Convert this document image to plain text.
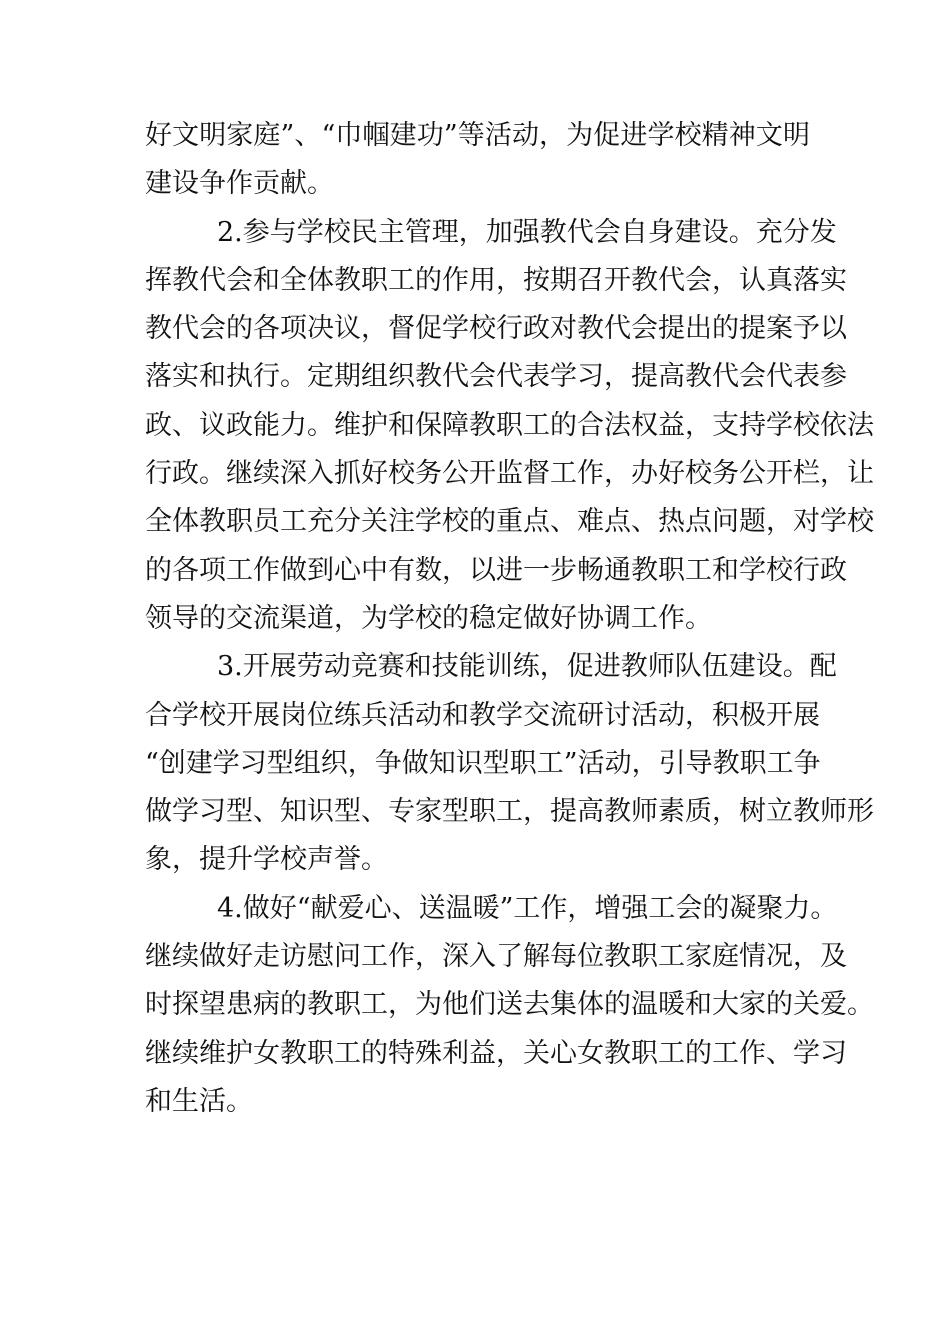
好文明家庭”、“巾帼建功”等活动，为促进学校精神文明
建设争作贡献。
2.参与学校民主管理，加强教代会自身建设。充分发
挥教代会和全体教职工的作用，按期召开教代会，认真落实
教代会的各项决议，督促学校行政对教代会提出的提案予以
落实和执行。定期组织教代会代表学习，提高教代会代表参
政、议政能力。维护和保障教职工的合法权益，支持学校依法
行政。继续深入抓好校务公开监督工作，办好校务公开栏，让
全体教职员工充分关注学校的重点、难点、热点问题，对学校
的各项工作做到心中有数，以进一步畅通教职工和学校行政
领导的交流渠道，为学校的稳定做好协调工作。
3.开展劳动竞赛和技能训练，促进教师队伍建设。配
合学校开展岗位练兵活动和教学交流研讨活动，积极开展
“创建学习型组织，争做知识型职工”活动，引导教职工争
做学习型、知识型、专家型职工，提高教师素质，树立教师形
象，提升学校声誉。
4.做好“献爱心、送温暖”工作，增强工会的凝聚力。
继续做好走访慰问工作，深入了解每位教职工家庭情况，及
时探望患病的教职工，为他们送去集体的温暖和大家的关爱。
继续维护女教职工的特殊利益，关心女教职工的工作、学习
和生活。
